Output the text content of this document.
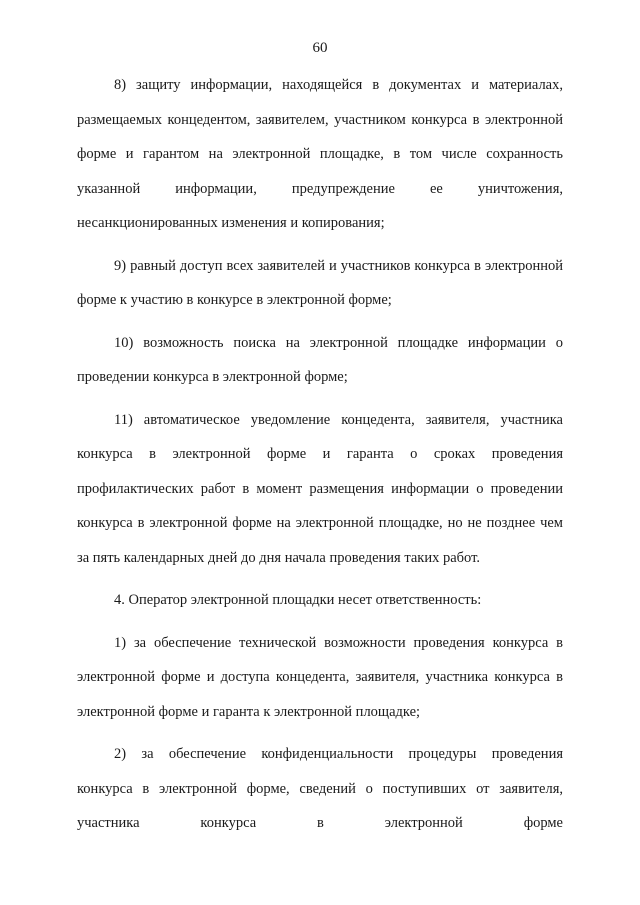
60

8) защиту информации, находящейся в документах и материалах, размещаемых концедентом, заявителем, участником конкурса в электронной форме и гарантом на электронной площадке, в том числе сохранность указанной информации, предупреждение ее уничтожения, несанкционированных изменения и копирования;

9) равный доступ всех заявителей и участников конкурса в электронной форме к участию в конкурсе в электронной форме;

10) возможность поиска на электронной площадке информации о проведении конкурса в электронной форме;

11) автоматическое уведомление концедента, заявителя, участника конкурса в электронной форме и гаранта о сроках проведения профилактических работ в момент размещения информации о проведении конкурса в электронной форме на электронной площадке, но не позднее чем за пять календарных дней до дня начала проведения таких работ.

4. Оператор электронной площадки несет ответственность:

1) за обеспечение технической возможности проведения конкурса в электронной форме и доступа концедента, заявителя, участника конкурса в электронной форме и гаранта к электронной площадке;

2) за обеспечение конфиденциальности процедуры проведения конкурса в электронной форме, сведений о поступивших от заявителя, участника конкурса в электронной форме
